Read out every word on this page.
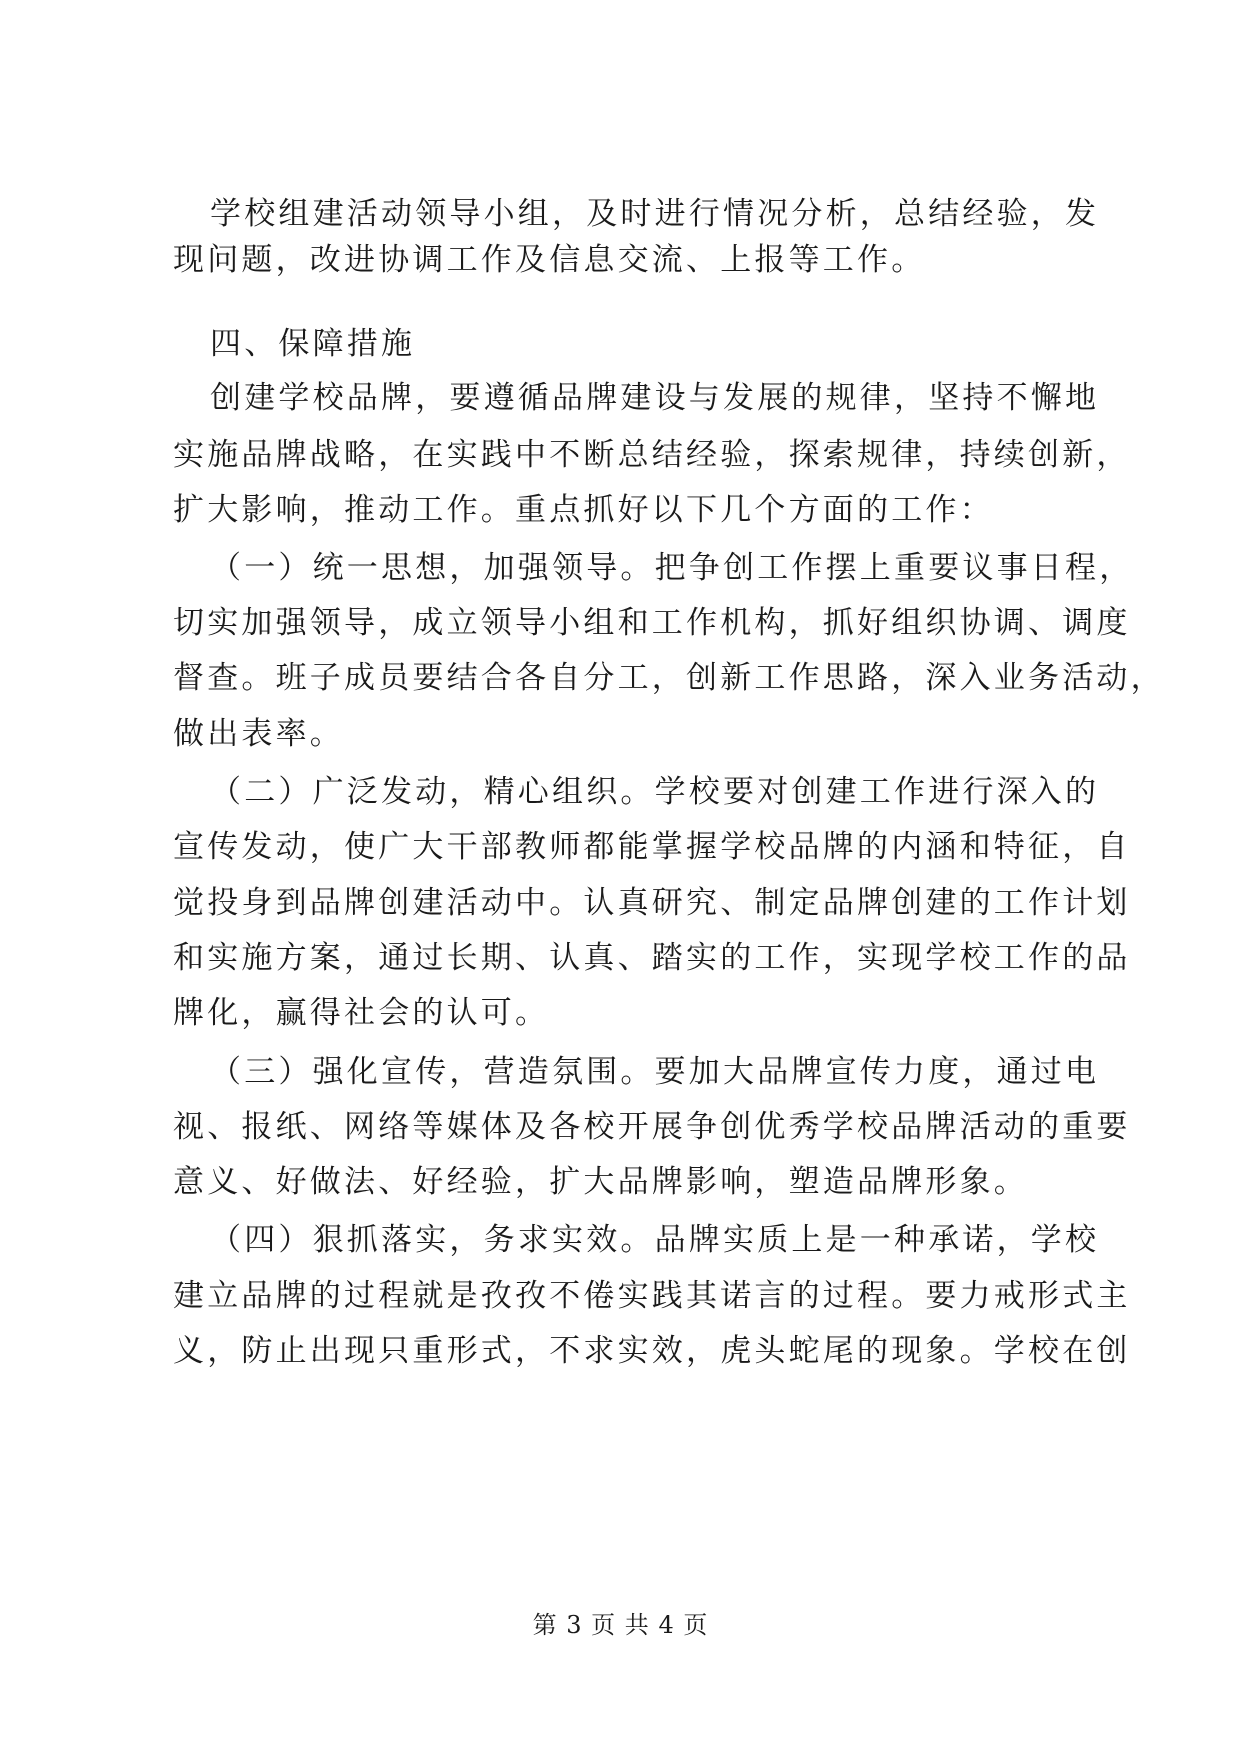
学校组建活动领导小组，及时进行情况分析，总结经验，发
现问题，改进协调工作及信息交流、上报等工作。
四、保障措施
创建学校品牌，要遵循品牌建设与发展的规律，坚持不懈地
实施品牌战略，在实践中不断总结经验，探索规律，持续创新，
扩大影响，推动工作。重点抓好以下几个方面的工作：
（一）统一思想，加强领导。把争创工作摆上重要议事日程，
切实加强领导，成立领导小组和工作机构，抓好组织协调、调度
督查。班子成员要结合各自分工，创新工作思路，深入业务活动，
做出表率。
（二）广泛发动，精心组织。学校要对创建工作进行深入的
宣传发动，使广大干部教师都能掌握学校品牌的内涵和特征，自
觉投身到品牌创建活动中。认真研究、制定品牌创建的工作计划
和实施方案，通过长期、认真、踏实的工作，实现学校工作的品
牌化，赢得社会的认可。
（三）强化宣传，营造氛围。要加大品牌宣传力度，通过电
视、报纸、网络等媒体及各校开展争创优秀学校品牌活动的重要
意义、好做法、好经验，扩大品牌影响，塑造品牌形象。
（四）狠抓落实，务求实效。品牌实质上是一种承诺，学校
建立品牌的过程就是孜孜不倦实践其诺言的过程。要力戒形式主
义，防止出现只重形式，不求实效，虎头蛇尾的现象。学校在创
第 3 页 共 4 页
